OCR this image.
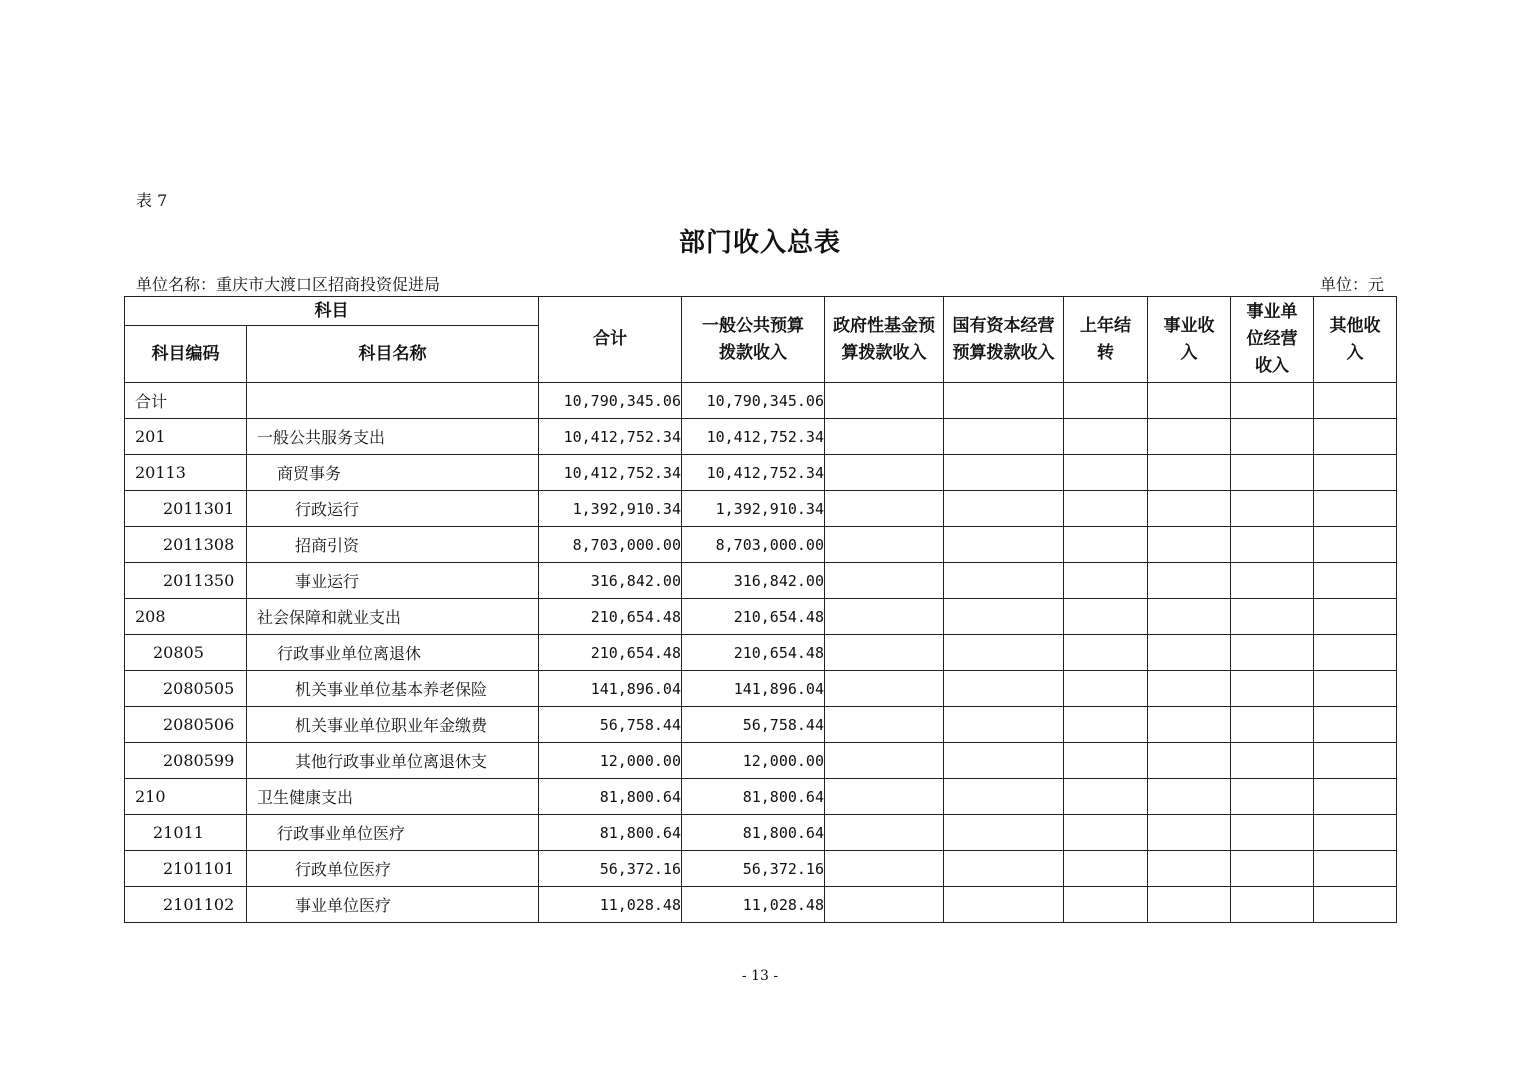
表 7
部门收入总表
单位名称：重庆市大渡口区招商投资促进局	单位：元
科目		合计	一般公共预算拨款收入	政府性基金预算拨款收入	国有资本经营预算拨款收入	上年结转	事业收入	事业单位经营收入	其他收入
科目编码	科目名称								
合计		10,790,345.06	10,790,345.06						
201	一般公共服务支出	10,412,752.34	10,412,752.34						
20113	商贸事务	10,412,752.34	10,412,752.34						
2011301	行政运行	1,392,910.34	1,392,910.34						
2011308	招商引资	8,703,000.00	8,703,000.00						
2011350	事业运行	316,842.00	316,842.00						
208	社会保障和就业支出	210,654.48	210,654.48						
20805	行政事业单位离退休	210,654.48	210,654.48						
2080505	机关事业单位基本养老保险	141,896.04	141,896.04						
2080506	机关事业单位职业年金缴费	56,758.44	56,758.44						
2080599	其他行政事业单位离退休支	12,000.00	12,000.00						
210	卫生健康支出	81,800.64	81,800.64						
21011	行政事业单位医疗	81,800.64	81,800.64						
2101101	行政单位医疗	56,372.16	56,372.16						
2101102	事业单位医疗	11,028.48	11,028.48						
- 13 -
